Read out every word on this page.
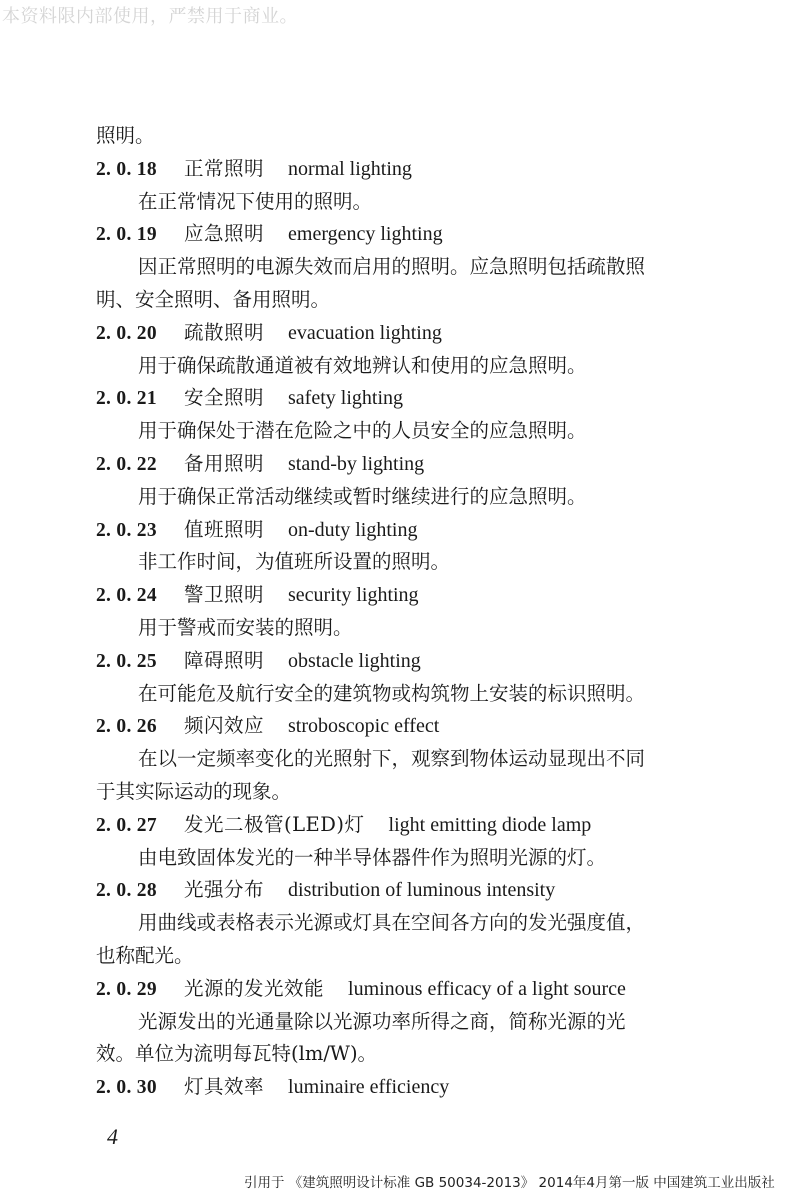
本资料限内部使用，严禁用于商业。
照明。
2. 0. 18 正常照明 normal lighting
在正常情况下使用的照明。
2. 0. 19 应急照明 emergency lighting
因正常照明的电源失效而启用的照明。应急照明包括疏散照
明、安全照明、备用照明。
2. 0. 20 疏散照明 evacuation lighting
用于确保疏散通道被有效地辨认和使用的应急照明。
2. 0. 21 安全照明 safety lighting
用于确保处于潜在危险之中的人员安全的应急照明。
2. 0. 22 备用照明 stand-by lighting
用于确保正常活动继续或暂时继续进行的应急照明。
2. 0. 23 值班照明 on-duty lighting
非工作时间，为值班所设置的照明。
2. 0. 24 警卫照明 security lighting
用于警戒而安装的照明。
2. 0. 25 障碍照明 obstacle lighting
在可能危及航行安全的建筑物或构筑物上安装的标识照明。
2. 0. 26 频闪效应 stroboscopic effect
在以一定频率变化的光照射下，观察到物体运动显现出不同
于其实际运动的现象。
2. 0. 27 发光二极管(LED)灯 light emitting diode lamp
由电致固体发光的一种半导体器件作为照明光源的灯。
2. 0. 28 光强分布 distribution of luminous intensity
用曲线或表格表示光源或灯具在空间各方向的发光强度值，
也称配光。
2. 0. 29 光源的发光效能 luminous efficacy of a light source
光源发出的光通量除以光源功率所得之商，简称光源的光
效。单位为流明每瓦特(lm/W)。
2. 0. 30 灯具效率 luminaire efficiency
4
引用于 《建筑照明设计标准 GB 50034-2013》 2014年4月第一版 中国建筑工业出版社
